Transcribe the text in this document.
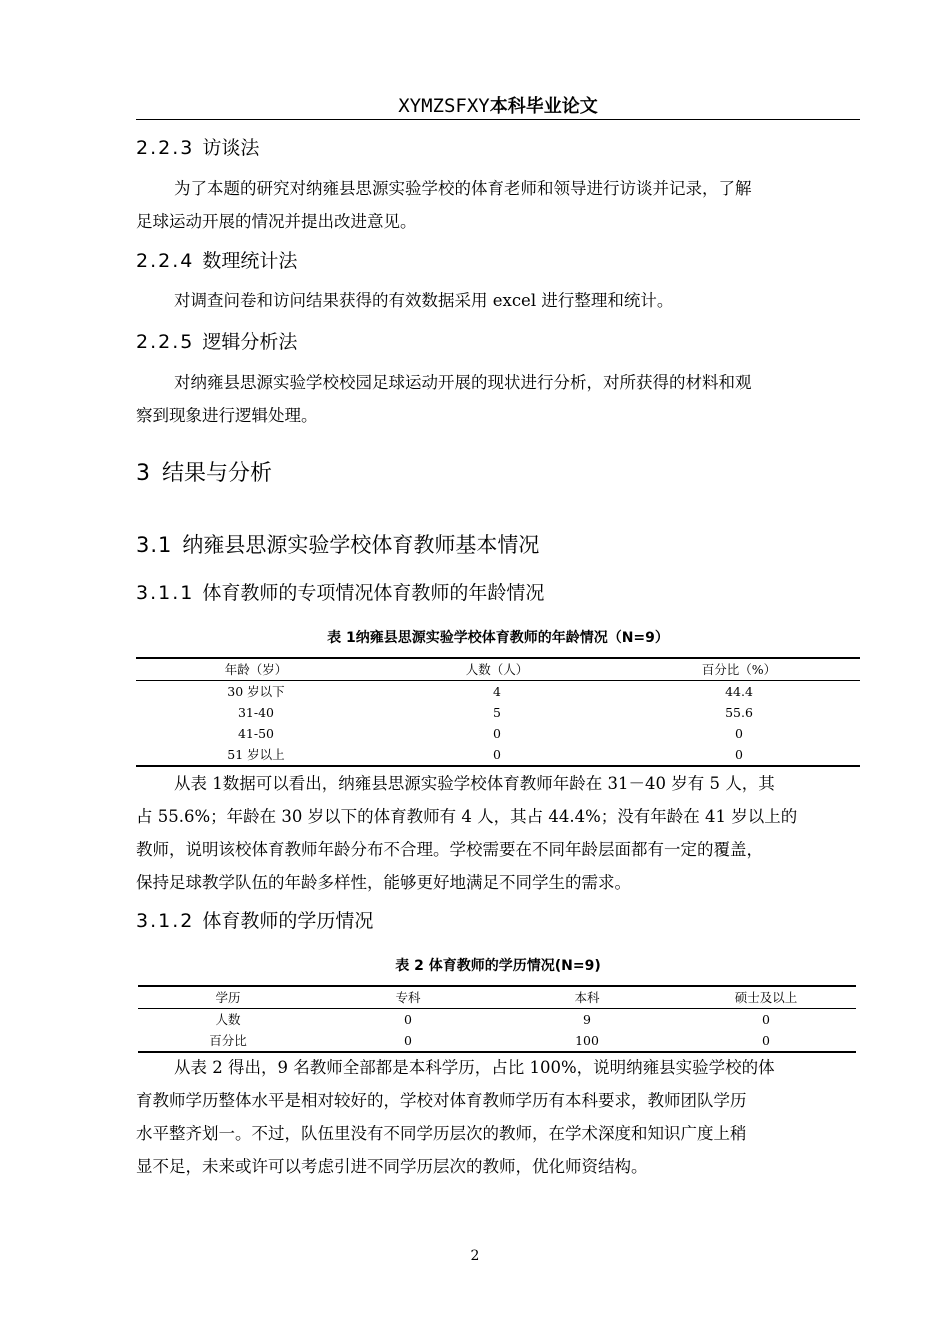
XYMZSFXY本科毕业论文
2.2.3 访谈法

为了本题的研究对纳雍县思源实验学校的体育老师和领导进行访谈并记录，了解
足球运动开展的情况并提出改进意见。

2.2.4 数理统计法

对调查问卷和访问结果获得的有效数据采用 excel 进行整理和统计。

2.2.5 逻辑分析法

对纳雍县思源实验学校校园足球运动开展的现状进行分析，对所获得的材料和观
察到现象进行逻辑处理。

3 结果与分析
3.1 纳雍县思源实验学校体育教师基本情况
3.1.1 体育教师的专项情况体育教师的年龄情况
表 1纳雍县思源实验学校体育教师的年龄情况（N=9）
年龄（岁）	人数（人）	百分比（%）
30 岁以下	4	44.4
31-40	5	55.6
41-50	0	0
51 岁以上	0	0

从表 1数据可以看出，纳雍县思源实验学校体育教师年龄在 31－40 岁有 5 人，其
占 55.6%；年龄在 30 岁以下的体育教师有 4 人，其占 44.4%；没有年龄在 41 岁以上的
教师，说明该校体育教师年龄分布不合理。学校需要在不同年龄层面都有一定的覆盖，
保持足球教学队伍的年龄多样性，能够更好地满足不同学生的需求。

3.1.2 体育教师的学历情况
表 2 体育教师的学历情况(N=9)
学历	专科	本科	硕士及以上
人数	0	9	0
百分比	0	100	0

从表 2 得出，9 名教师全部都是本科学历，占比 100%，说明纳雍县实验学校的体
育教师学历整体水平是相对较好的，学校对体育教师学历有本科要求，教师团队学历
水平整齐划一。不过，队伍里没有不同学历层次的教师，在学术深度和知识广度上稍
显不足，未来或许可以考虑引进不同学历层次的教师，优化师资结构。

2
